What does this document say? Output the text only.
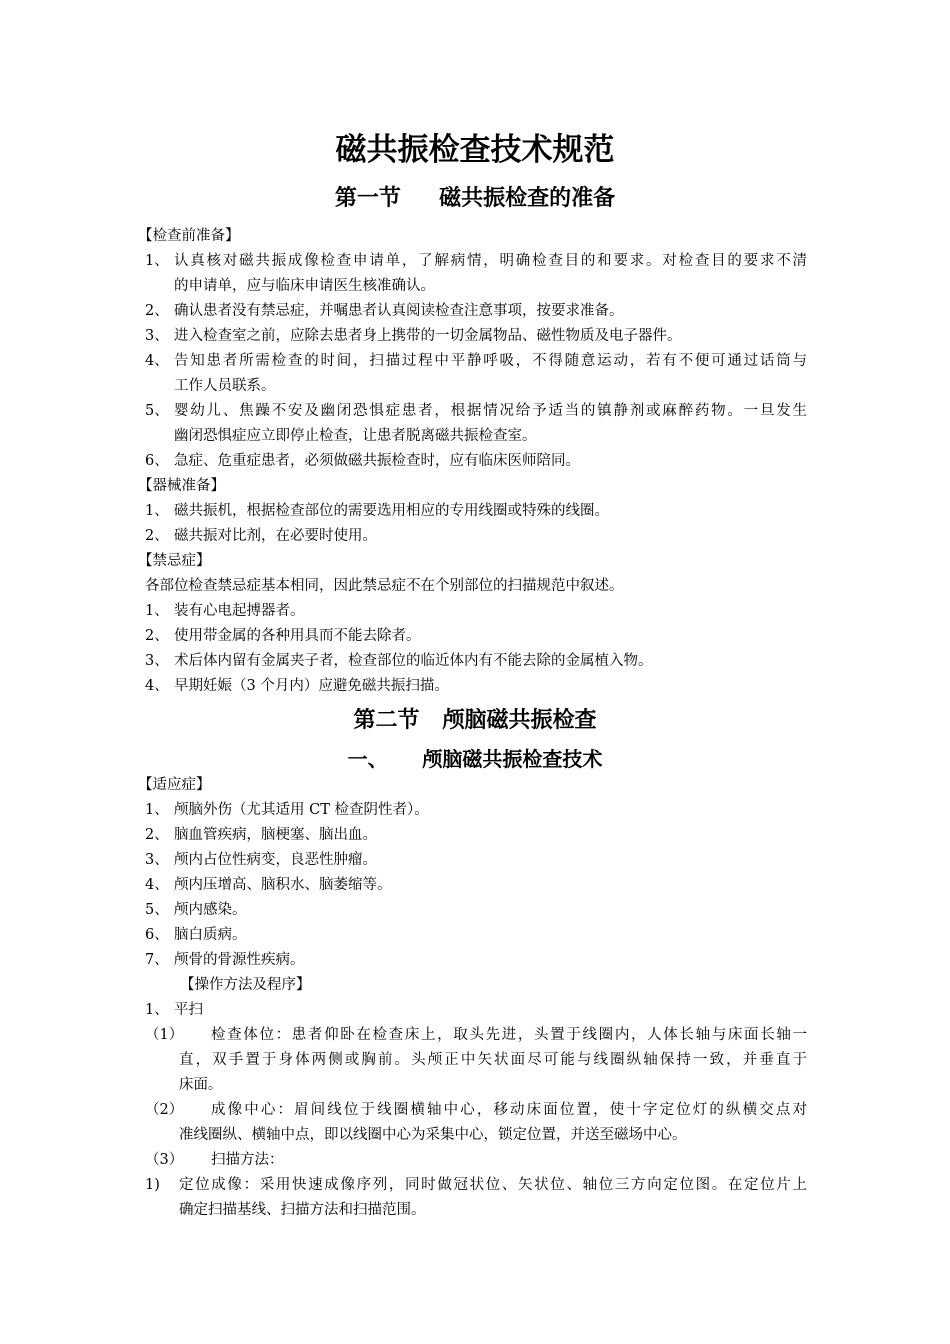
磁共振检查技术规范
第一节     磁共振检查的准备
【检查前准备】
1、 认真核对磁共振成像检查申请单，了解病情，明确检查目的和要求。对检查目的要求不清
的申请单，应与临床申请医生核准确认。
2、 确认患者没有禁忌症，并嘱患者认真阅读检查注意事项，按要求准备。
3、 进入检查室之前，应除去患者身上携带的一切金属物品、磁性物质及电子器件。
4、 告知患者所需检查的时间，扫描过程中平静呼吸，不得随意运动，若有不便可通过话筒与
工作人员联系。
5、 婴幼儿、焦躁不安及幽闭恐惧症患者，根据情况给予适当的镇静剂或麻醉药物。一旦发生
幽闭恐惧症应立即停止检查，让患者脱离磁共振检查室。
6、 急症、危重症患者，必须做磁共振检查时，应有临床医师陪同。
【器械准备】
1、 磁共振机，根据检查部位的需要选用相应的专用线圈或特殊的线圈。
2、 磁共振对比剂，在必要时使用。
【禁忌症】
各部位检查禁忌症基本相同，因此禁忌症不在个别部位的扫描规范中叙述。
1、 装有心电起搏器者。
2、 使用带金属的各种用具而不能去除者。
3、 术后体内留有金属夹子者，检查部位的临近体内有不能去除的金属植入物。
4、 早期妊娠（3 个月内）应避免磁共振扫描。
第二节   颅脑磁共振检查
一、     颅脑磁共振检查技术
【适应症】
1、 颅脑外伤（尤其适用 CT 检查阴性者）。
2、 脑血管疾病，脑梗塞、脑出血。
3、 颅内占位性病变，良恶性肿瘤。
4、 颅内压增高、脑积水、脑萎缩等。
5、 颅内感染。
6、 脑白质病。
7、 颅骨的骨源性疾病。
【操作方法及程序】
1、 平扫
（1） 检查体位：患者仰卧在检查床上，取头先进，头置于线圈内，人体长轴与床面长轴一
直，双手置于身体两侧或胸前。头颅正中矢状面尽可能与线圈纵轴保持一致，并垂直于
床面。
（2） 成像中心：眉间线位于线圈横轴中心，移动床面位置，使十字定位灯的纵横交点对
准线圈纵、横轴中点，即以线圈中心为采集中心，锁定位置，并送至磁场中心。
（3） 扫描方法：
1) 定位成像：采用快速成像序列，同时做冠状位、矢状位、轴位三方向定位图。在定位片上
确定扫描基线、扫描方法和扫描范围。
